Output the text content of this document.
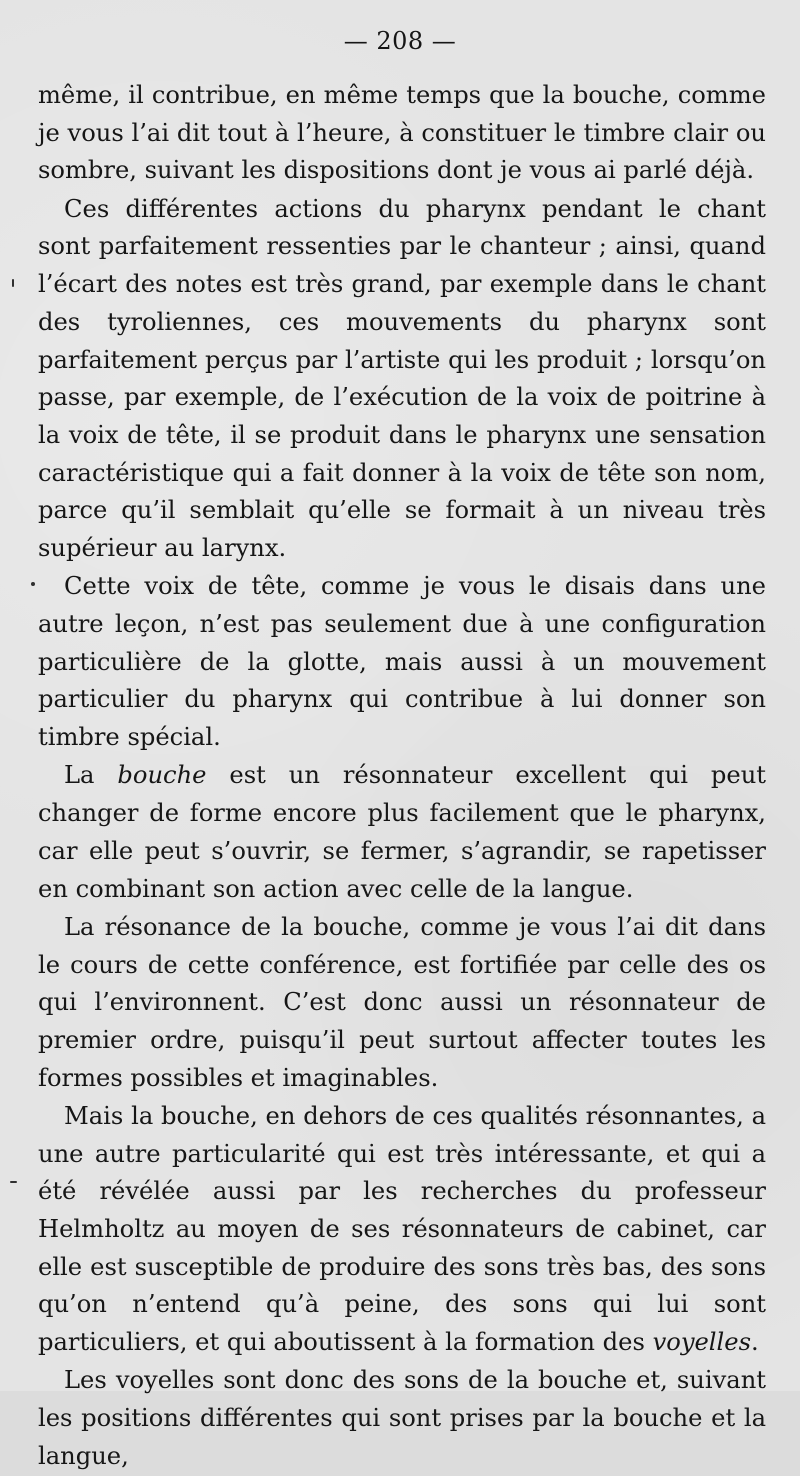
— 208 —

même, il contribue, en même temps que la bouche, comme je vous l’ai dit tout à l’heure, à constituer le timbre clair ou sombre, suivant les dispositions dont je vous ai parlé déjà.

Ces différentes actions du pharynx pendant le chant sont parfaitement ressenties par le chanteur ; ainsi, quand l’écart des notes est très grand, par exemple dans le chant des tyroliennes, ces mouvements du pharynx sont parfaitement perçus par l’artiste qui les produit ; lorsqu’on passe, par exemple, de l’exécution de la voix de poitrine à la voix de tête, il se produit dans le pharynx une sensation caractéristique qui a fait donner à la voix de tête son nom, parce qu’il semblait qu’elle se formait à un niveau très supérieur au larynx.

Cette voix de tête, comme je vous le disais dans une autre leçon, n’est pas seulement due à une configuration particulière de la glotte, mais aussi à un mouvement particulier du pharynx qui contribue à lui donner son timbre spécial.

La bouche est un résonnateur excellent qui peut changer de forme encore plus facilement que le pharynx, car elle peut s’ouvrir, se fermer, s’agrandir, se rapetisser en combinant son action avec celle de la langue.

La résonance de la bouche, comme je vous l’ai dit dans le cours de cette conférence, est fortifiée par celle des os qui l’environnent. C’est donc aussi un résonnateur de premier ordre, puisqu’il peut surtout affecter toutes les formes possibles et imaginables.

Mais la bouche, en dehors de ces qualités résonnantes, a une autre particularité qui est très intéressante, et qui a été révélée aussi par les recherches du professeur Helmholtz au moyen de ses résonnateurs de cabinet, car elle est susceptible de produire des sons très bas, des sons qu’on n’entend qu’à peine, des sons qui lui sont particuliers, et qui aboutissent à la formation des voyelles.

Les voyelles sont donc des sons de la bouche et, suivant les positions différentes qui sont prises par la bouche et la langue,
